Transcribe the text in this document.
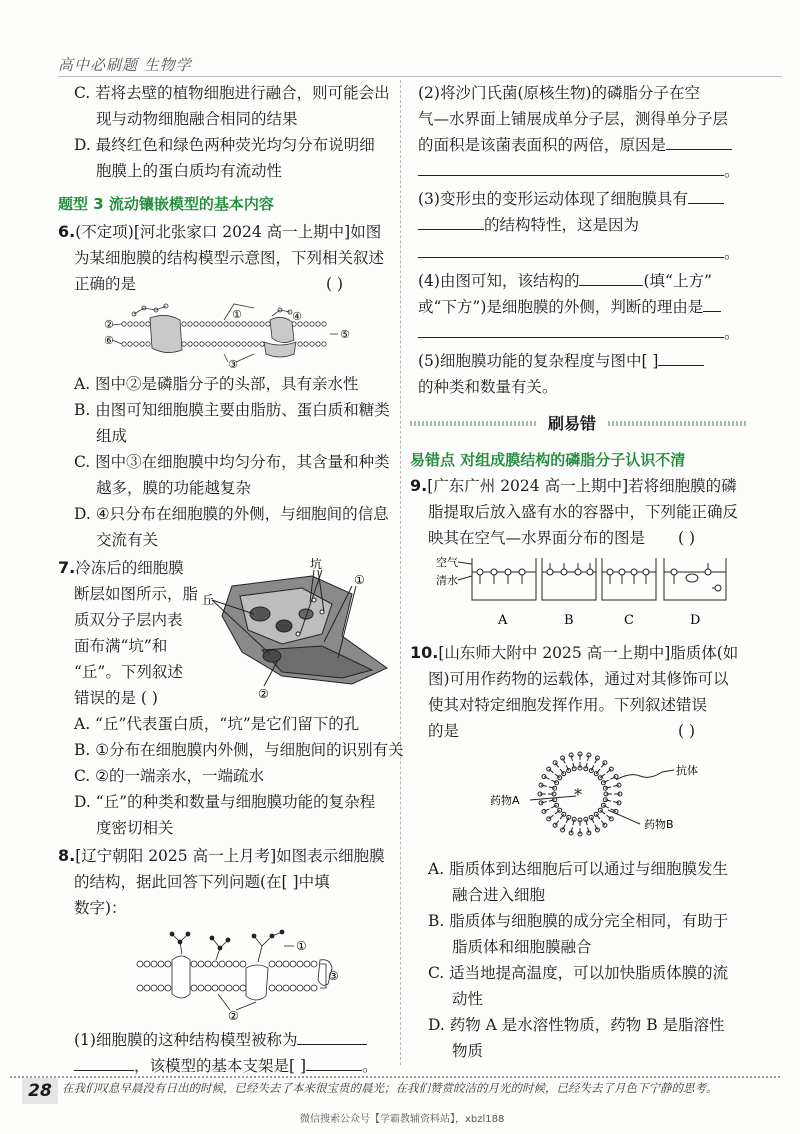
高中必刷题 生物学
C. 若将去壁的植物细胞进行融合，则可能会出
现与动物细胞融合相同的结果
D. 最终红色和绿色两种荧光均匀分布说明细
胞膜上的蛋白质均有流动性
题型 3 流动镶嵌模型的基本内容
6.(不定项)[河北张家口 2024 高一上期中]如图
为某细胞膜的结构模型示意图，下列相关叙述
正确的是	( )
①
②
③
④
⑤
⑥
A. 图中②是磷脂分子的头部，具有亲水性
B. 由图可知细胞膜主要由脂肪、蛋白质和糖类
组成
C. 图中③在细胞膜中均匀分布，其含量和种类
越多，膜的功能越复杂
D. ④只分布在细胞膜的外侧，与细胞间的信息
交流有关
7.冷冻后的细胞膜
断层如图所示，脂
质双分子层内表
面布满“坑”和
“丘”。下列叙述
错误的是 ( )
坑
丘
①
②
A. “丘”代表蛋白质，“坑”是它们留下的孔
B. ①分布在细胞膜内外侧，与细胞间的识别有关
C. ②的一端亲水，一端疏水
D. “丘”的种类和数量与细胞膜功能的复杂程
度密切相关
8.[辽宁朝阳 2025 高一上月考]如图表示细胞膜
的结构，据此回答下列问题(在[ ]中填
数字)：
①
②
③
(1)细胞膜的这种结构模型被称为
，该模型的基本支架是[ ]	。
(2)将沙门氏菌(原核生物)的磷脂分子在空
气—水界面上铺展成单分子层，测得单分子层
的面积是该菌表面积的两倍，原因是
。
(3)变形虫的变形运动体现了细胞膜具有
的结构特性，这是因为
。
(4)由图可知，该结构的	(填“上方”
或“下方”)是细胞膜的外侧，判断的理由是
。
(5)细胞膜功能的复杂程度与图中[ ]
的种类和数量有关。
刷易错
易错点 对组成膜结构的磷脂分子认识不清
9.[广东广州 2024 高一上期中]若将细胞膜的磷
脂提取后放入盛有水的容器中，下列能正确反
映其在空气—水界面分布的图是 ( )
空气
清水
A	B	C	D
10.[山东师大附中 2025 高一上期中]脂质体(如
图)可用作药物的运载体，通过对其修饰可以
使其对特定细胞发挥作用。下列叙述错误
的是	( )
*
药物A
药物B
抗体
A. 脂质体到达细胞后可以通过与细胞膜发生
融合进入细胞
B. 脂质体与细胞膜的成分完全相同，有助于
脂质体和细胞膜融合
C. 适当地提高温度，可以加快脂质体膜的流
动性
D. 药物 A 是水溶性物质，药物 B 是脂溶性
物质
28 在我们叹息早晨没有日出的时候，已经失去了本来很宝贵的晨光；在我们赞赏皎洁的月光的时候，已经失去了月色下宁静的思考。
微信搜索公众号【学霸教辅资料站】，xbzl188
